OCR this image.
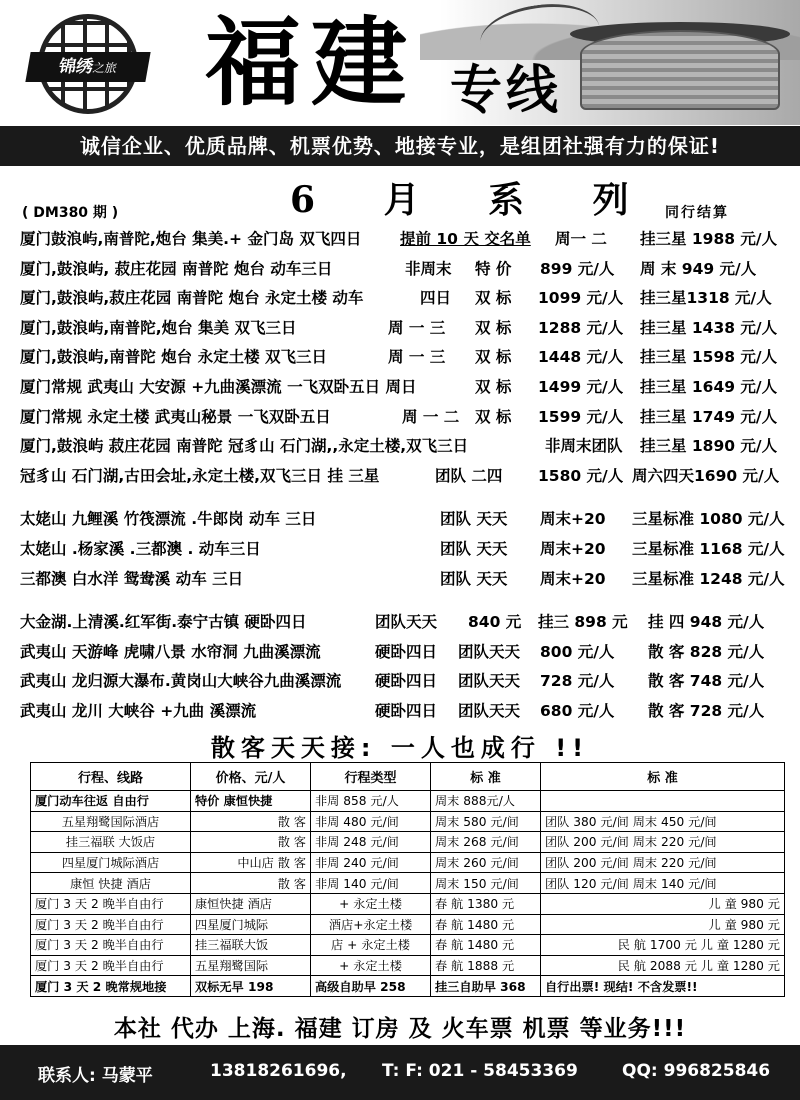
锦绣之旅 福建 专线
诚信企业、优质品牌、机票优势、地接专业，是组团社强有力的保证!
( DM380 期 )	6 月 系 列 同行结算
厦门鼓浪屿,南普陀,炮台 集美.+ 金门岛 双飞四日 提前 10 天 交名单 周一 二 挂三星 1988 元/人
厦门,鼓浪屿, 菽庄花园 南普陀 炮台 动车三日	非周末 特 价 899 元/人 周 末 949 元/人
厦门,鼓浪屿,菽庄花园 南普陀 炮台 永定土楼 动车	四日 双 标 1099 元/人 挂三星1318 元/人
厦门,鼓浪屿,南普陀,炮台 集美 双飞三日	周 一 三 双 标 1288 元/人 挂三星 1438 元/人
厦门,鼓浪屿,南普陀 炮台 永定土楼 双飞三日	周 一 三 双 标 1448 元/人 挂三星 1598 元/人
厦门常规 武夷山 大安源 +九曲溪漂流 一飞双卧五日 周日	双 标 1499 元/人 挂三星 1649 元/人
厦门常规 永定土楼 武夷山秘景 一飞双卧五日	周 一 二 双 标 1599 元/人 挂三星 1749 元/人
厦门,鼓浪屿 菽庄花园 南普陀 冠豸山 石门湖,,永定土楼,双飞三日	非周末团队 挂三星 1890 元/人
冠豸山 石门湖,古田会址,永定土楼,双飞三日 挂 三星	团队 二四 1580 元/人 周六四天1690 元/人
太姥山 九鲤溪 竹筏漂流 .牛郎岗 动车 三日	团队 天天 周末+20 三星标准 1080 元/人
太姥山 .杨家溪 .三都澳 . 动车三日	团队 天天 周末+20 三星标准 1168 元/人
三都澳 白水洋 鸳鸯溪 动车 三日	团队 天天 周末+20 三星标准 1248 元/人
大金湖.上清溪.红军街.泰宁古镇 硬卧四日	团队天天 840 元 挂三 898 元 挂 四 948 元/人
武夷山 天游峰 虎啸八景 水帘洞 九曲溪漂流	硬卧四日 团队天天 800 元/人 散 客 828 元/人
武夷山 龙归源大瀑布.黄岗山大峡谷九曲溪漂流 硬卧四日 团队天天 728 元/人 散 客 748 元/人
武夷山 龙川 大峡谷 +九曲 溪漂流	硬卧四日 团队天天 680 元/人 散 客 728 元/人
散客天天接: 一人也成行 !!
行程、线路	价格、元/人	行程类型	标 准	标 准
厦门动车往返 自由行	特价 康恒快捷	非周 858 元/人	周末 888元/人	
五星翔鹭国际酒店	散 客	非周 480 元/间	周末 580 元/间	团队 380 元/间 周末 450 元/间
挂三福联 大饭店	散 客	非周 248 元/间	周末 268 元/间	团队 200 元/间 周末 220 元/间
四星厦门城际酒店	中山店 散 客	非周 240 元/间	周末 260 元/间	团队 200 元/间 周末 220 元/间
康恒 快捷 酒店	散 客	非周 140 元/间	周末 150 元/间	团队 120 元/间 周末 140 元/间
厦门 3 天 2 晚半自由行	康恒快捷 酒店	+ 永定土楼	春 航 1380 元	儿 童 980 元
厦门 3 天 2 晚半自由行	四星厦门城际	酒店+永定土楼	春 航 1480 元	儿 童 980 元
厦门 3 天 2 晚半自由行	挂三福联大饭	店 + 永定土楼	春 航 1480 元	民 航 1700 元 儿 童 1280 元
厦门 3 天 2 晚半自由行	五星翔鹭国际	+ 永定土楼	春 航 1888 元	民 航 2088 元 儿 童 1280 元
厦门 3 天 2 晚常规地接	双标无早 198	高级自助早 258	挂三自助早 368	自行出票! 现结! 不含发票!!
本社 代办 上海. 福建 订房 及 火车票 机票 等业务!!!
联系人: 马蒙平	13818261696, T: F: 021 - 58453369	QQ: 996825846
